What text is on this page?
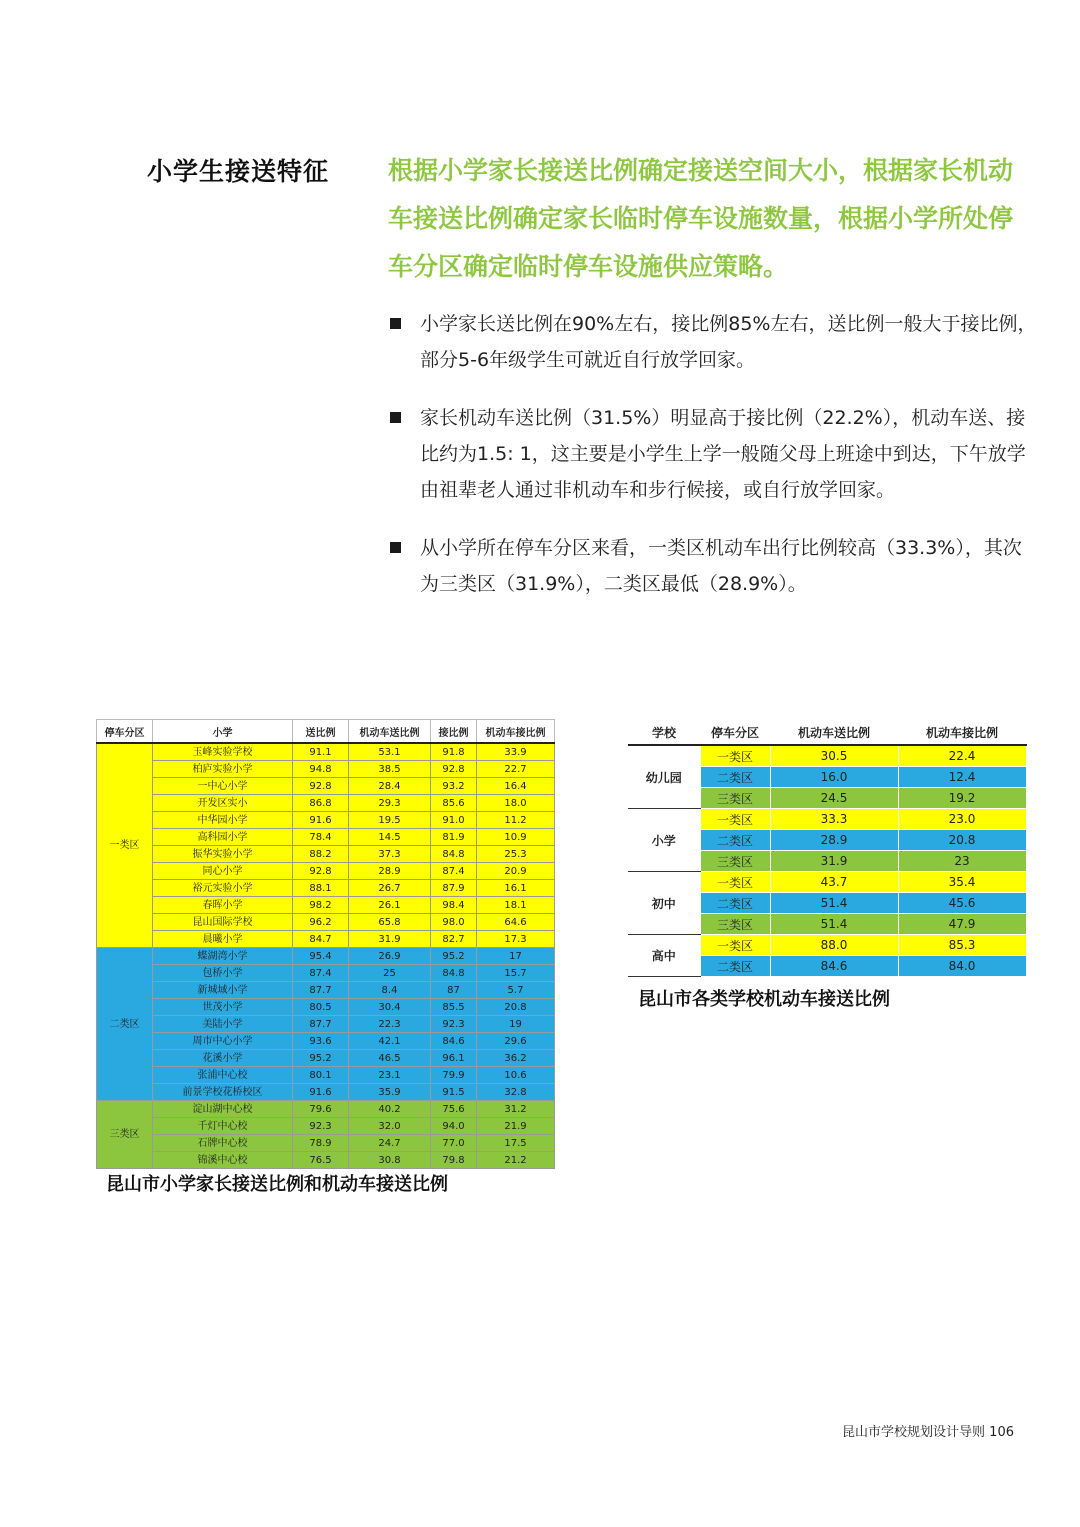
小学生接送特征 根据小学家长接送比例确定接送空间大小，根据家长机动车接送比例确定家长临时停车设施数量，根据小学所处停车分区确定临时停车设施供应策略。
小学家长送比例在90%左右，接比例85%左右，送比例一般大于接比例，部分5-6年级学生可就近自行放学回家。
家长机动车送比例（31.5%）明显高于接比例（22.2%），机动车送、接比约为1.5: 1，这主要是小学生上学一般随父母上班途中到达，下午放学由祖辈老人通过非机动车和步行候接，或自行放学回家。
从小学所在停车分区来看，一类区机动车出行比例较高（33.3%），其次为三类区（31.9%），二类区最低（28.9%）。
停车分区	小学	送比例	机动车送比例	接比例	机动车接比例
一类区	玉峰实验学校	91.1	53.1	91.8	33.9
	柏庐实验小学	94.8	38.5	92.8	22.7
	一中心小学	92.8	28.4	93.2	16.4
	开发区实小	86.8	29.3	85.6	18.0
	中华园小学	91.6	19.5	91.0	11.2
	高科园小学	78.4	14.5	81.9	10.9
	振华实验小学	88.2	37.3	84.8	25.3
	同心小学	92.8	28.9	87.4	20.9
	裕元实验小学	88.1	26.7	87.9	16.1
	春晖小学	98.2	26.1	98.4	18.1
	昆山国际学校	96.2	65.8	98.0	64.6
	晨曦小学	84.7	31.9	82.7	17.3
二类区	蝶湖湾小学	95.4	26.9	95.2	17
	包桥小学	87.4	25	84.8	15.7
	新城域小学	87.7	8.4	87	5.7
	世茂小学	80.5	30.4	85.5	20.8
	美陆小学	87.7	22.3	92.3	19
	周市中心小学	93.6	42.1	84.6	29.6
	花溪小学	95.2	46.5	96.1	36.2
	张浦中心校	80.1	23.1	79.9	10.6
	前景学校花桥校区	91.6	35.9	91.5	32.8
三类区	淀山湖中心校	79.6	40.2	75.6	31.2
	千灯中心校	92.3	32.0	94.0	21.9
	石牌中心校	78.9	24.7	77.0	17.5
	锦溪中心校	76.5	30.8	79.8	21.2
昆山市小学家长接送比例和机动车接送比例
学校	停车分区	机动车送比例	机动车接比例
幼儿园	一类区	30.5	22.4
	二类区	16.0	12.4
	三类区	24.5	19.2
小学	一类区	33.3	23.0
	二类区	28.9	20.8
	三类区	31.9	23
初中	一类区	43.7	35.4
	二类区	51.4	45.6
	三类区	51.4	47.9
高中	一类区	88.0	85.3
	二类区	84.6	84.0
昆山市各类学校机动车接送比例
昆山市学校规划设计导则 106
